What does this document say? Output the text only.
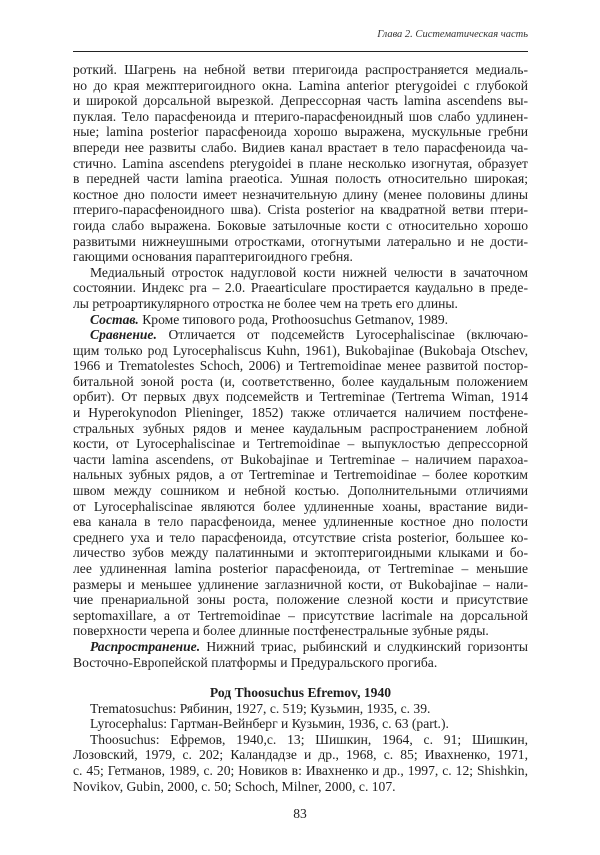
Глава 2. Систематическая часть
роткий. Шагрень на небной ветви птеригоида распространяется медиаль-
но до края межптеригоидного окна. Lamina anterior pterygoidei с глубокой
и широкой дорсальной вырезкой. Депрессорная часть lamina ascendens вы-
пуклая. Тело парасфеноида и птериго-парасфеноидный шов слабо удлинен-
ные; lamina posterior парасфеноида хорошо выражена, мускульные гребни
впереди нее развиты слабо. Видиев канал врастает в тело парасфеноида ча-
стично. Lamina ascendens pterygoidei в плане несколько изогнутая, образует
в передней части lamina praeotica. Ушная полость относительно широкая;
костное дно полости имеет незначительную длину (менее половины длины
птериго-парасфеноидного шва). Crista posterior на квадратной ветви птери-
гоида слабо выражена. Боковые затылочные кости с относительно хорошо
развитыми нижнеушными отростками, отогнутыми латерально и не дости-
гающими основания парaптеригоидного гребня.
Медиальный отросток надугловой кости нижней челюсти в зачаточном
состоянии. Индекс pra – 2.0. Praearticulare простирается каудально в преде-
лы ретроартикулярного отростка не более чем на треть его длины.
Состав. Кроме типового рода, Prothoosuchus Getmanov, 1989.
Сравнение. Отличается от подсемейств Lyrocephaliscinae (включаю-
щим только род Lyrocephaliscus Kuhn, 1961), Bukobajinae (Bukobaja Otschev,
1966 и Trematolestes Schoch, 2006) и Tertremoidinae менее развитой постор-
битальной зоной роста (и, соответственно, более каудальным положением
орбит). От первых двух подсемейств и Tertreminae (Tertrema Wiman, 1914
и Hyperokynodon Plieninger, 1852) также отличается наличием постфене-
стральных зубных рядов и менее каудальным распространением лобной
кости, от Lyrocephaliscinae и Tertremoidinae – выпуклостью депрессорной
части lamina ascendens, от Bukobajinae и Tertreminae – наличием парахоа-
нальных зубных рядов, а от Tertreminae и Tertremoidinae – более коротким
швом между сошником и небной костью. Дополнительными отличиями
от Lyrocephaliscinae являются более удлиненные хоаны, врастание види-
ева канала в тело парасфеноида, менее удлиненные костное дно полости
среднего уха и тело парасфеноида, отсутствие crista posterior, большее ко-
личество зубов между палатинными и эктоптеригоидными клыками и бо-
лее удлиненная lamina posterior парасфеноида, от Tertreminae – меньшие
размеры и меньшее удлинение заглазничной кости, от Bukobajinae – нали-
чие пренариальной зоны роста, положение слезной кости и присутствие
septomaxillare, а от Tertremoidinae – присутствие lacrimale на дорсальной
поверхности черепа и более длинные постфенестральные зубные ряды.
Распространение. Нижний триас, рыбинский и слудкинский горизонты
Восточно-Европейской платформы и Предуральского прогиба.
Род Thoosuchus Efremov, 1940
Trematosuchus: Рябинин, 1927, с. 519; Кузьмин, 1935, с. 39.
Lyrocephalus: Гартман-Вейнберг и Кузьмин, 1936, с. 63 (part.).
Thoosuchus: Ефремов, 1940,с. 13; Шишкин, 1964, с. 91; Шишкин,
Лозовский, 1979, с. 202; Каландадзе и др., 1968, с. 85; Ивахненко, 1971,
с. 45; Гетманов, 1989, с. 20; Новиков в: Ивахненко и др., 1997, с. 12; Shishkin,
Novikov, Gubin, 2000, с. 50; Schoch, Milner, 2000, с. 107.
83
